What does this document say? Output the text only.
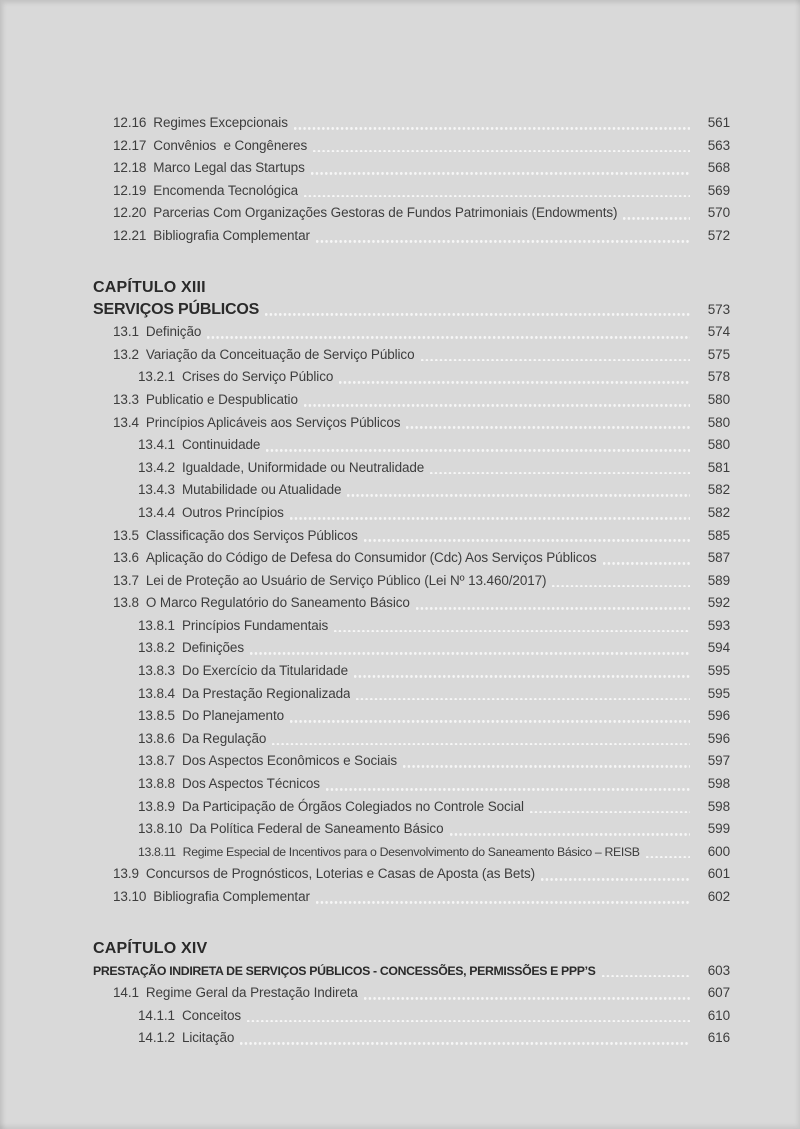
12.16 Regimes Excepcionais	561
12.17 Convênios  e Congêneres	563
12.18 Marco Legal das Startups	568
12.19 Encomenda Tecnológica	569
12.20 Parcerias Com Organizações Gestoras de Fundos Patrimoniais (Endowments)	570
12.21 Bibliografia Complementar	572
CAPÍTULO XIII
SERVIÇOS PÚBLICOS	573
13.1 Definição	574
13.2 Variação da Conceituação de Serviço Público	575
13.2.1 Crises do Serviço Público	578
13.3 Publicatio e Despublicatio	580
13.4 Princípios Aplicáveis aos Serviços Públicos	580
13.4.1 Continuidade	580
13.4.2 Igualdade, Uniformidade ou Neutralidade	581
13.4.3 Mutabilidade ou Atualidade	582
13.4.4 Outros Princípios	582
13.5 Classificação dos Serviços Públicos	585
13.6 Aplicação do Código de Defesa do Consumidor (Cdc) Aos Serviços Públicos	587
13.7 Lei de Proteção ao Usuário de Serviço Público (Lei Nº 13.460/2017)	589
13.8 O Marco Regulatório do Saneamento Básico	592
13.8.1 Princípios Fundamentais	593
13.8.2 Definições	594
13.8.3 Do Exercício da Titularidade	595
13.8.4 Da Prestação Regionalizada	595
13.8.5 Do Planejamento	596
13.8.6 Da Regulação	596
13.8.7 Dos Aspectos Econômicos e Sociais	597
13.8.8 Dos Aspectos Técnicos	598
13.8.9 Da Participação de Órgãos Colegiados no Controle Social	598
13.8.10 Da Política Federal de Saneamento Básico	599
13.8.11 Regime Especial de Incentivos para o Desenvolvimento do Saneamento Básico – REISB	600
13.9 Concursos de Prognósticos, Loterias e Casas de Aposta (as Bets)	601
13.10 Bibliografia Complementar	602
CAPÍTULO XIV
PRESTAÇÃO INDIRETA DE SERVIÇOS PÚBLICOS - CONCESSÕES, PERMISSÕES E PPP’S	603
14.1 Regime Geral da Prestação Indireta	607
14.1.1 Conceitos	610
14.1.2 Licitação	616
